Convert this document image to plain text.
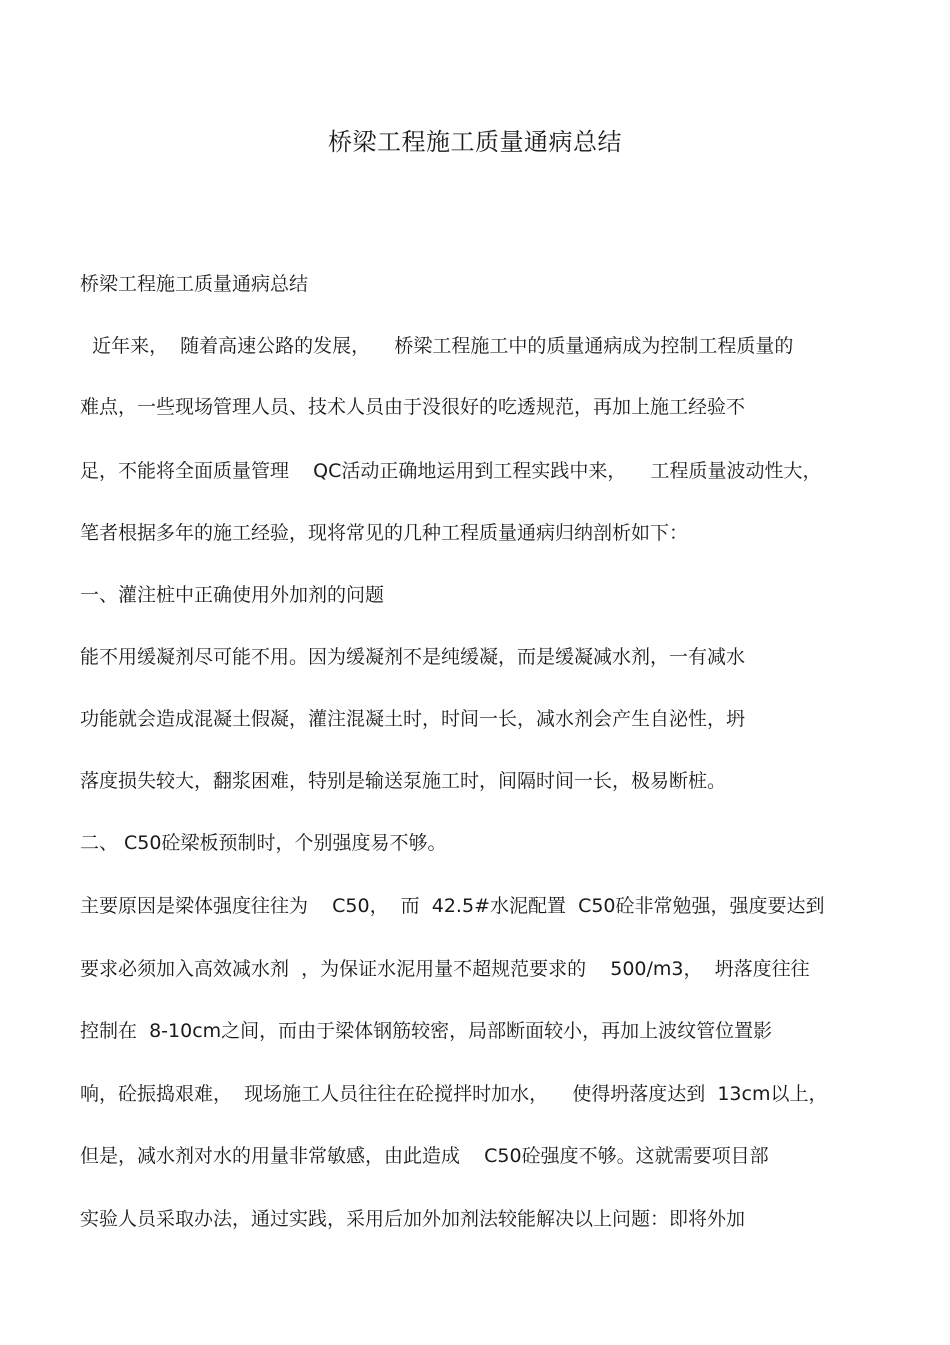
桥梁工程施工质量通病总结
桥梁工程施工质量通病总结
近年来，  随着高速公路的发展，    桥梁工程施工中的质量通病成为控制工程质量的
难点，一些现场管理人员、技术人员由于没很好的吃透规范，再加上施工经验不
足，不能将全面质量管理    QC活动正确地运用到工程实践中来，    工程质量波动性大，
笔者根据多年的施工经验，现将常见的几种工程质量通病归纳剖析如下：
一、灌注桩中正确使用外加剂的问题
能不用缓凝剂尽可能不用。因为缓凝剂不是纯缓凝，而是缓凝减水剂，一有减水
功能就会造成混凝土假凝，灌注混凝土时，时间一长，减水剂会产生自泌性，坍
落度损失较大，翻浆困难，特别是输送泵施工时，间隔时间一长，极易断桩。
二、 C50砼梁板预制时，个别强度易不够。
主要原因是梁体强度往往为    C50，  而  42.5#水泥配置  C50砼非常勉强，强度要达到
要求必须加入高效减水剂  ，为保证水泥用量不超规范要求的    500/m3，  坍落度往往
控制在  8-10cm之间，而由于梁体钢筋较密，局部断面较小，再加上波纹管位置影
响，砼振捣艰难，  现场施工人员往往在砼搅拌时加水，    使得坍落度达到  13cm以上，
但是，减水剂对水的用量非常敏感，由此造成    C50砼强度不够。这就需要项目部
实验人员采取办法，通过实践，采用后加外加剂法较能解决以上问题：即将外加
